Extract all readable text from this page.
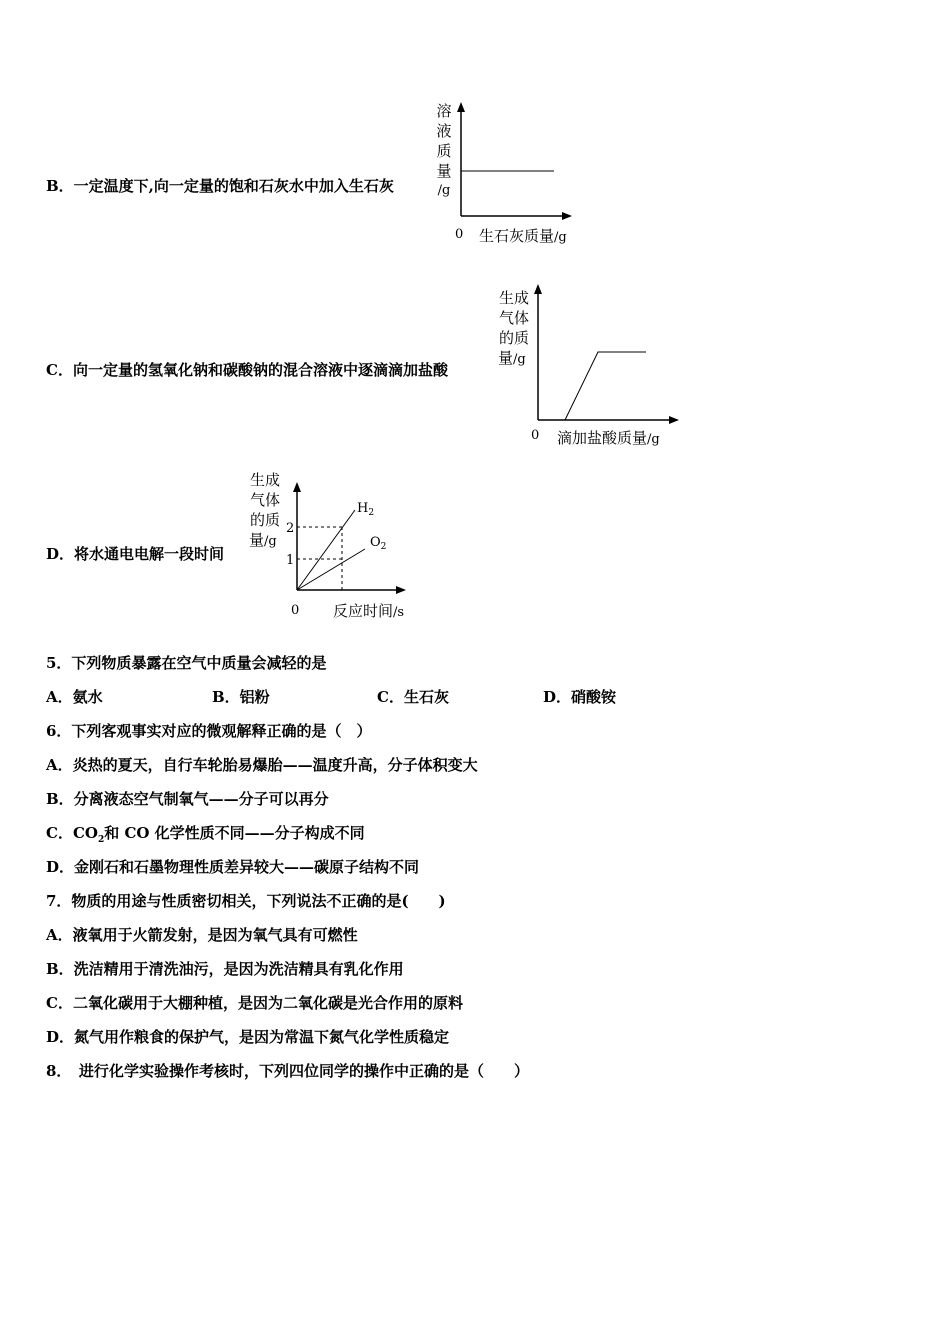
B．一定温度下,向一定量的饱和石灰水中加入生石灰
溶
液
质
量
/g
0 生石灰质量/g
C．向一定量的氢氧化钠和碳酸钠的混合溶液中逐滴滴加盐酸
生成
气体
的质
量/g
0 滴加盐酸质量/g
D．将水通电电解一段时间
生成
气体
的质
量/g
2
1
$H_2$
$O_2$
0 反应时间/s
5．下列物质暴露在空气中质量会减轻的是
A．氨水	B．铝粉	C．生石灰	D．硝酸铵
6．下列客观事实对应的微观解释正确的是（　）
A．炎热的夏天，自行车轮胎易爆胎——温度升高，分子体积变大
B．分离液态空气制氧气——分子可以再分
C．$CO_2$和 CO 化学性质不同——分子构成不同
D．金刚石和石墨物理性质差异较大——碳原子结构不同
7．物质的用途与性质密切相关，下列说法不正确的是(　　)
A．液氧用于火箭发射，是因为氧气具有可燃性
B．洗洁精用于清洗油污，是因为洗洁精具有乳化作用
C．二氧化碳用于大棚种植，是因为二氧化碳是光合作用的原料
D．氮气用作粮食的保护气，是因为常温下氮气化学性质稳定
8．　进行化学实验操作考核时，下列四位同学的操作中正确的是（　　）
